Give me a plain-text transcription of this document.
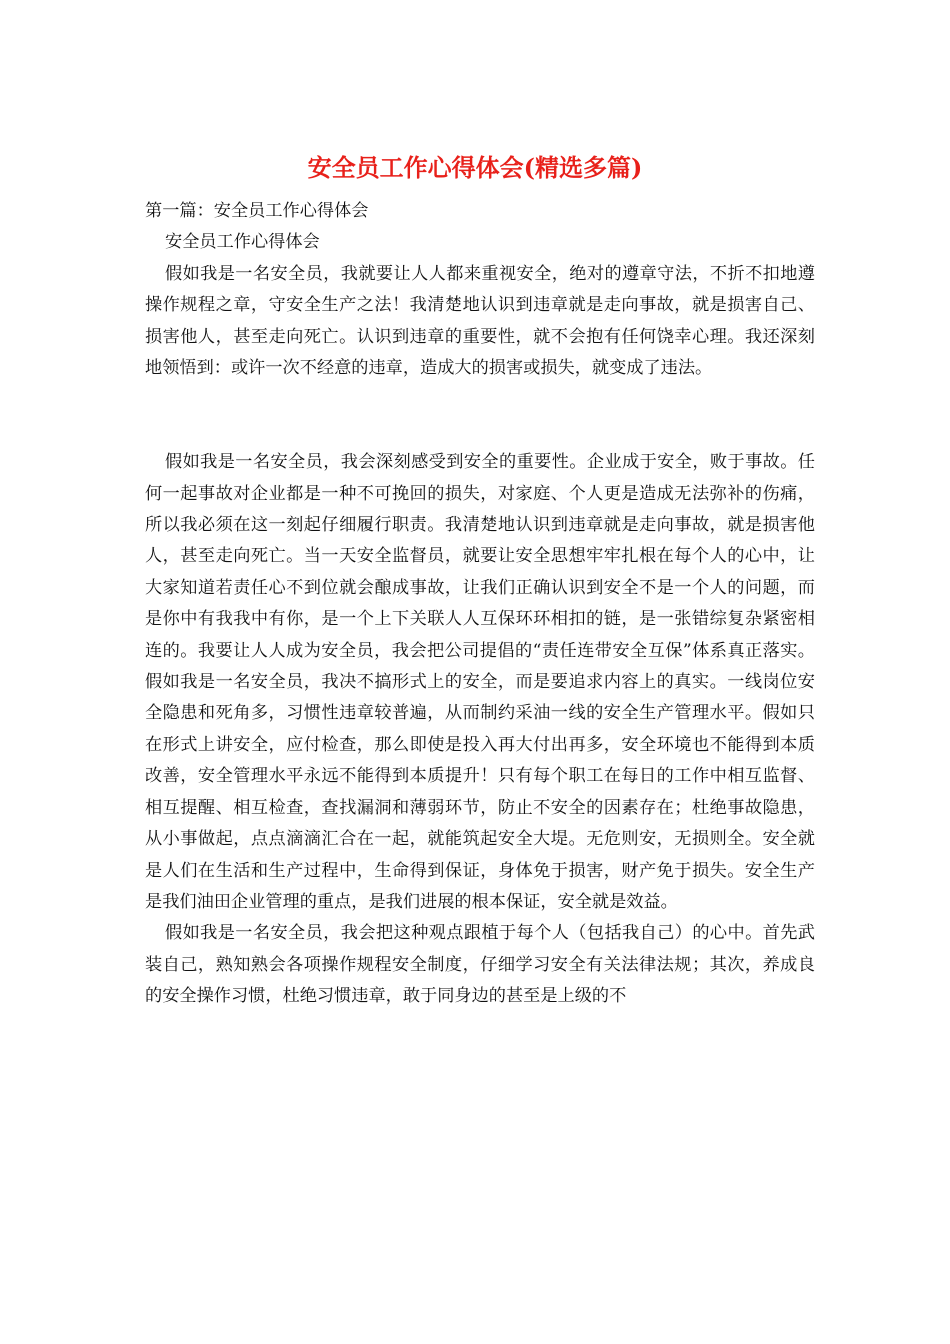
安全员工作心得体会(精选多篇)

第一篇：安全员工作心得体会

安全员工作心得体会

假如我是一名安全员，我就要让人人都来重视安全，绝对的遵章守法，不折不扣地遵操作规程之章，守安全生产之法！我清楚地认识到违章就是走向事故，就是损害自己、损害他人，甚至走向死亡。认识到违章的重要性，就不会抱有任何饶幸心理。我还深刻地领悟到：或许一次不经意的违章，造成大的损害或损失，就变成了违法。

假如我是一名安全员，我会深刻感受到安全的重要性。企业成于安全，败于事故。任何一起事故对企业都是一种不可挽回的损失，对家庭、个人更是造成无法弥补的伤痛，所以我必须在这一刻起仔细履行职责。我清楚地认识到违章就是走向事故，就是损害他人，甚至走向死亡。当一天安全监督员，就要让安全思想牢牢扎根在每个人的心中，让大家知道若责任心不到位就会酿成事故，让我们正确认识到安全不是一个人的问题，而是你中有我我中有你，是一个上下关联人人互保环环相扣的链，是一张错综复杂紧密相连的。我要让人人成为安全员，我会把公司提倡的“责任连带安全互保”体系真正落实。假如我是一名安全员，我决不搞形式上的安全，而是要追求内容上的真实。一线岗位安全隐患和死角多，习惯性违章较普遍，从而制约采油一线的安全生产管理水平。假如只在形式上讲安全，应付检查，那么即使是投入再大付出再多，安全环境也不能得到本质改善，安全管理水平永远不能得到本质提升！只有每个职工在每日的工作中相互监督、相互提醒、相互检查，查找漏洞和薄弱环节，防止不安全的因素存在；杜绝事故隐患，从小事做起，点点滴滴汇合在一起，就能筑起安全大堤。无危则安，无损则全。安全就是人们在生活和生产过程中，生命得到保证，身体免于损害，财产免于损失。安全生产是我们油田企业管理的重点，是我们进展的根本保证，安全就是效益。

假如我是一名安全员，我会把这种观点跟植于每个人（包括我自己）的心中。首先武装自己，熟知熟会各项操作规程安全制度，仔细学习安全有关法律法规；其次，养成良的安全操作习惯，杜绝习惯违章，敢于同身边的甚至是上级的不
